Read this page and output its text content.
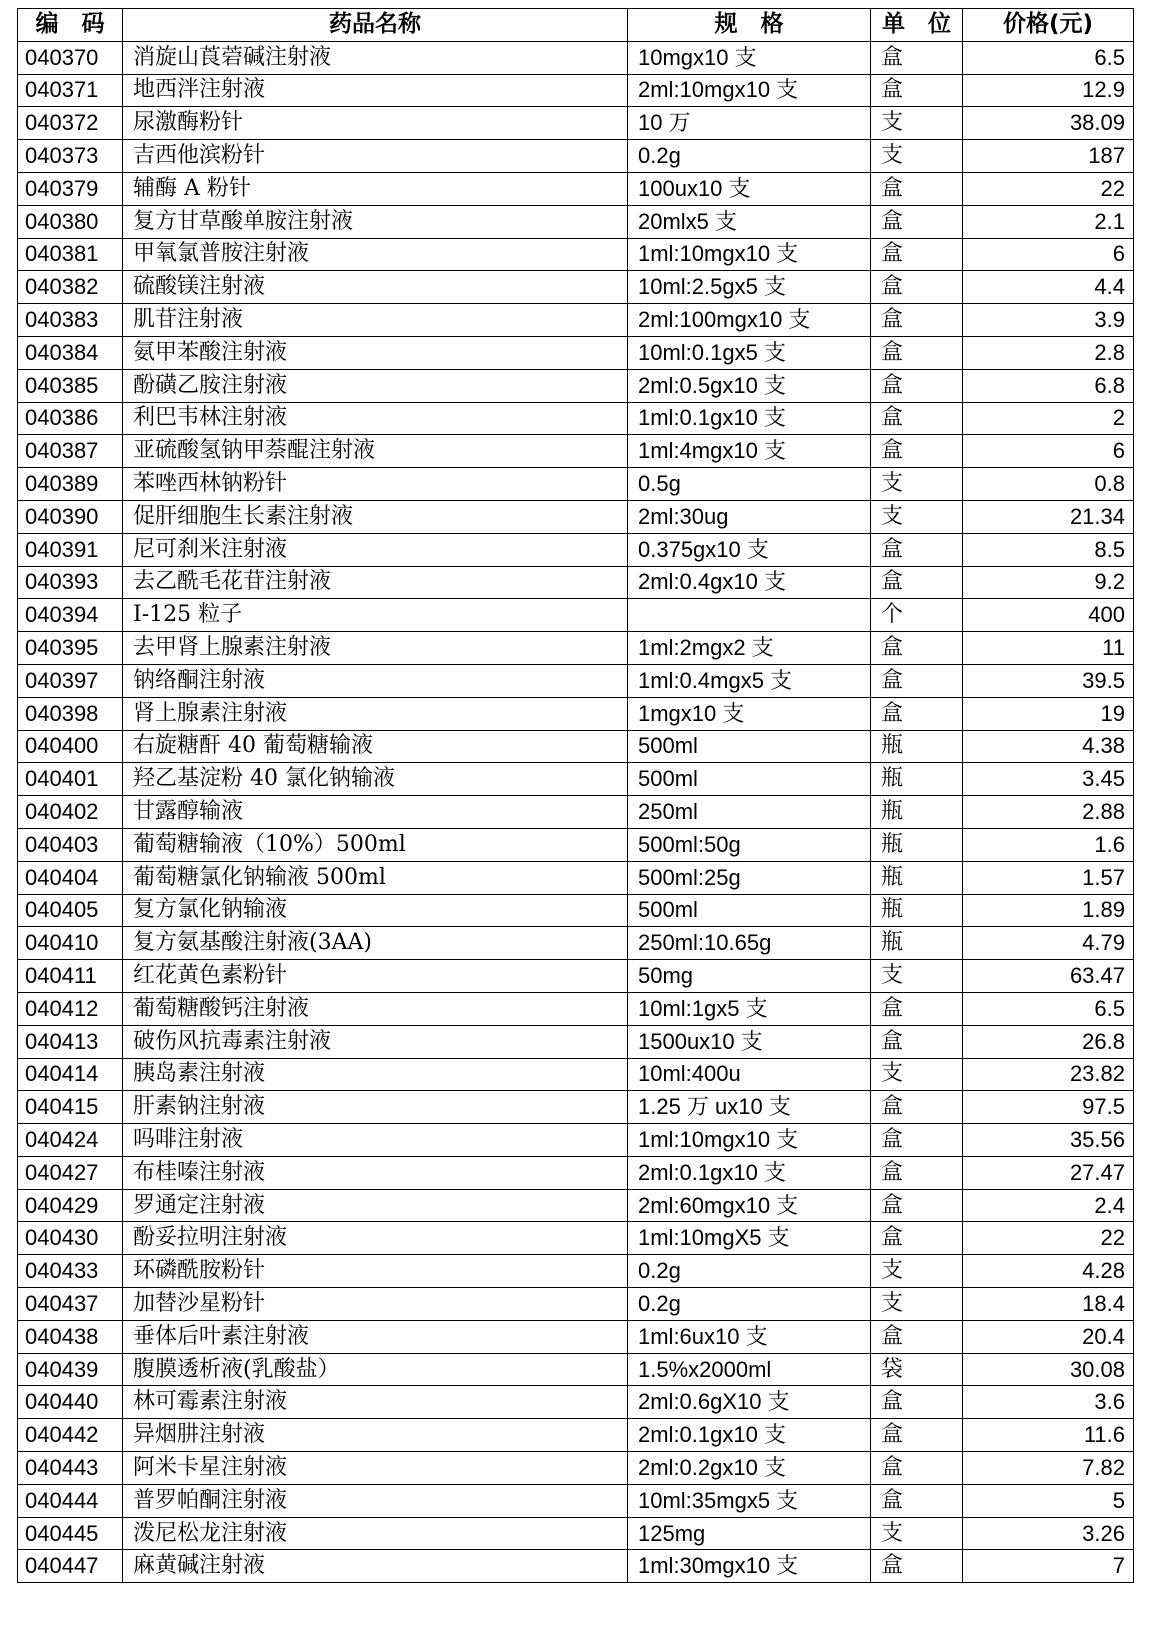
编　码	药品名称	规　格	单　位	价格(元)
040370	消旋山莨菪碱注射液	10mgx10 支	盒	6.5
040371	地西泮注射液	2ml:10mgx10 支	盒	12.9
040372	尿激酶粉针	10 万	支	38.09
040373	吉西他滨粉针	0.2g	支	187
040379	辅酶 A 粉针	100ux10 支	盒	22
040380	复方甘草酸单胺注射液	20mlx5 支	盒	2.1
040381	甲氧氯普胺注射液	1ml:10mgx10 支	盒	6
040382	硫酸镁注射液	10ml:2.5gx5 支	盒	4.4
040383	肌苷注射液	2ml:100mgx10 支	盒	3.9
040384	氨甲苯酸注射液	10ml:0.1gx5 支	盒	2.8
040385	酚磺乙胺注射液	2ml:0.5gx10 支	盒	6.8
040386	利巴韦林注射液	1ml:0.1gx10 支	盒	2
040387	亚硫酸氢钠甲萘醌注射液	1ml:4mgx10 支	盒	6
040389	苯唑西林钠粉针	0.5g	支	0.8
040390	促肝细胞生长素注射液	2ml:30ug	支	21.34
040391	尼可刹米注射液	0.375gx10 支	盒	8.5
040393	去乙酰毛花苷注射液	2ml:0.4gx10 支	盒	9.2
040394	I-125 粒子		个	400
040395	去甲肾上腺素注射液	1ml:2mgx2 支	盒	11
040397	钠络酮注射液	1ml:0.4mgx5 支	盒	39.5
040398	肾上腺素注射液	1mgx10 支	盒	19
040400	右旋糖酐 40 葡萄糖输液	500ml	瓶	4.38
040401	羟乙基淀粉 40 氯化钠输液	500ml	瓶	3.45
040402	甘露醇输液	250ml	瓶	2.88
040403	葡萄糖输液（10%）500ml	500ml:50g	瓶	1.6
040404	葡萄糖氯化钠输液 500ml	500ml:25g	瓶	1.57
040405	复方氯化钠输液	500ml	瓶	1.89
040410	复方氨基酸注射液(3AA)	250ml:10.65g	瓶	4.79
040411	红花黄色素粉针	50mg	支	63.47
040412	葡萄糖酸钙注射液	10ml:1gx5 支	盒	6.5
040413	破伤风抗毒素注射液	1500ux10 支	盒	26.8
040414	胰岛素注射液	10ml:400u	支	23.82
040415	肝素钠注射液	1.25 万 ux10 支	盒	97.5
040424	吗啡注射液	1ml:10mgx10 支	盒	35.56
040427	布桂嗪注射液	2ml:0.1gx10 支	盒	27.47
040429	罗通定注射液	2ml:60mgx10 支	盒	2.4
040430	酚妥拉明注射液	1ml:10mgX5 支	盒	22
040433	环磷酰胺粉针	0.2g	支	4.28
040437	加替沙星粉针	0.2g	支	18.4
040438	垂体后叶素注射液	1ml:6ux10 支	盒	20.4
040439	腹膜透析液(乳酸盐）	1.5%x2000ml	袋	30.08
040440	林可霉素注射液	2ml:0.6gX10 支	盒	3.6
040442	异烟肼注射液	2ml:0.1gx10 支	盒	11.6
040443	阿米卡星注射液	2ml:0.2gx10 支	盒	7.82
040444	普罗帕酮注射液	10ml:35mgx5 支	盒	5
040445	泼尼松龙注射液	125mg	支	3.26
040447	麻黄碱注射液	1ml:30mgx10 支	盒	7
